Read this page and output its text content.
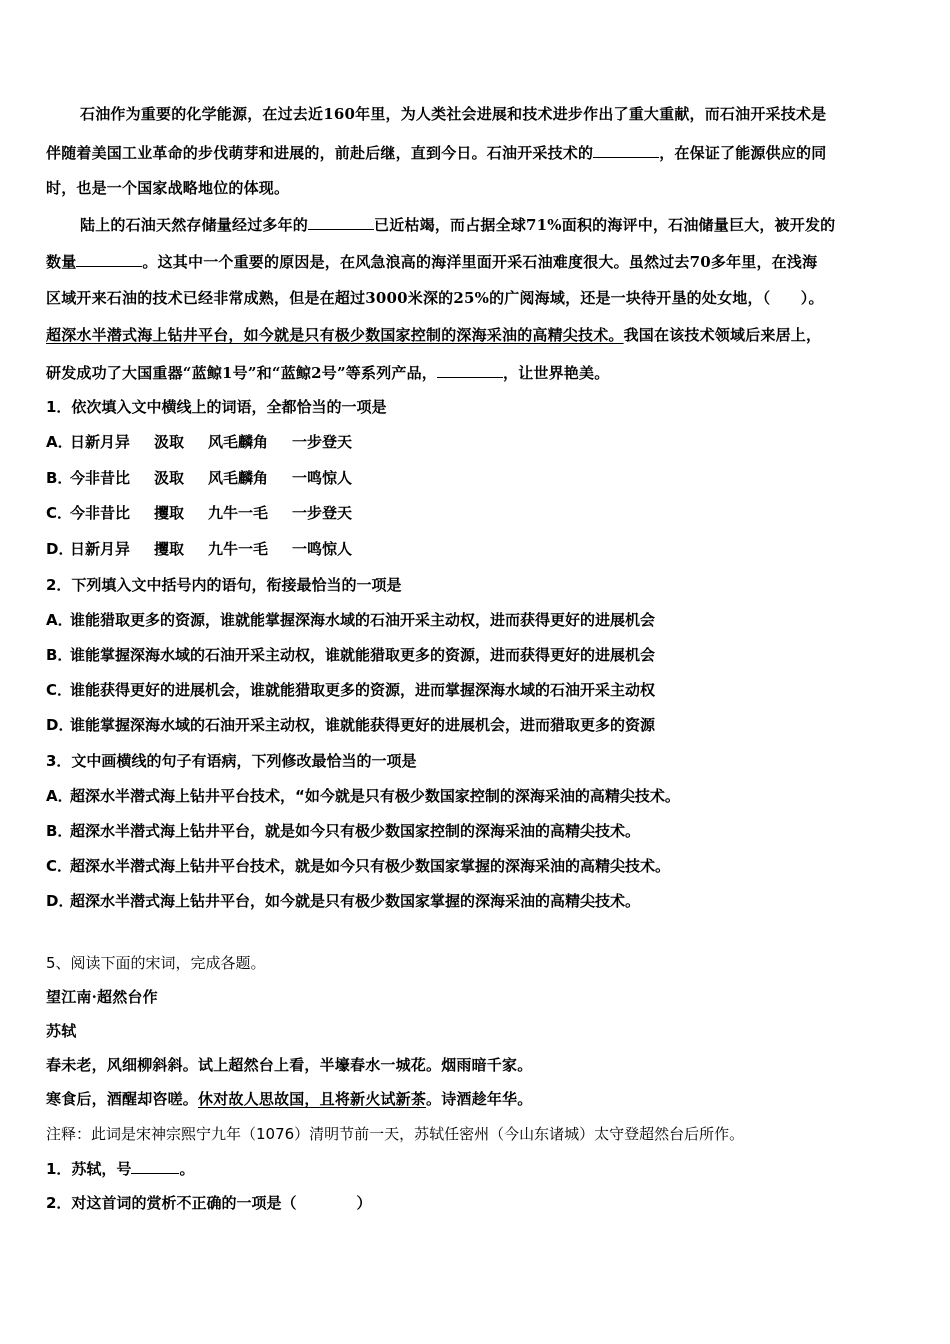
石油作为重要的化学能源，在过去近160年里，为人类社会进展和技术进步作出了重大重献，而石油开采技术是
伴随着美国工业革命的步伐萌芽和进展的，前赴后继，直到今日。石油开采技术的	，在保证了能源供应的同
时，也是一个国家战略地位的体现。
陆上的石油天然存储量经过多年的	已近枯竭，而占据全球71%面积的海评中，石油储量巨大，被开发的
数量	。这其中一个重要的原因是，在风急浪高的海洋里面开采石油难度很大。虽然过去70多年里，在浅海
区域开来石油的技术已经非常成熟，但是在超过3000米深的25%的广阅海域，还是一块待开垦的处女地，（　　）。
超深水半潜式海上钻井平台，如今就是只有极少数国家控制的深海采油的高精尖技术。我国在该技术领域后来居上，
研发成功了大国重器“蓝鲸1号”和“蓝鲸2号”等系列产品，	，让世界艳美。
1．依次填入文中横线上的词语，全都恰当的一项是
A．日新月异 汲取 风毛麟角 一步登天
B．今非昔比 汲取 风毛麟角 一鸣惊人
C．今非昔比 攫取 九牛一毛 一步登天
D．日新月异 攫取 九牛一毛 一鸣惊人
2．下列填入文中括号内的语句，衔接最恰当的一项是
A．谁能猎取更多的资源，谁就能掌握深海水域的石油开采主动权，进而获得更好的进展机会
B．谁能掌握深海水域的石油开采主动权，谁就能猎取更多的资源，进而获得更好的进展机会
C．谁能获得更好的进展机会，谁就能猎取更多的资源，进而掌握深海水域的石油开采主动权
D．谁能掌握深海水域的石油开采主动权，谁就能获得更好的进展机会，进而猎取更多的资源
3．文中画横线的句子有语病，下列修改最恰当的一项是
A．超深水半潜式海上钻井平台技术，“如今就是只有极少数国家控制的深海采油的高精尖技术。
B．超深水半潜式海上钻井平台，就是如今只有极少数国家控制的深海采油的高精尖技术。
C．超深水半潜式海上钻井平台技术，就是如今只有极少数国家掌握的深海采油的高精尖技术。
D．超深水半潜式海上钻井平台，如今就是只有极少数国家掌握的深海采油的高精尖技术。
5、阅读下面的宋词，完成各题。
望江南·超然台作
苏轼
春未老，风细柳斜斜。试上超然台上看，半壕春水一城花。烟雨暗千家。
寒食后，酒醒却咨嗟。休对故人思故国，且将新火试新茶。诗酒趁年华。
注释：此词是宋神宗熙宁九年（1076）清明节前一天，苏轼任密州（今山东诸城）太守登超然台后所作。
1．苏轼，号	。
2．对这首词的赏析不正确的一项是（　　　　）
